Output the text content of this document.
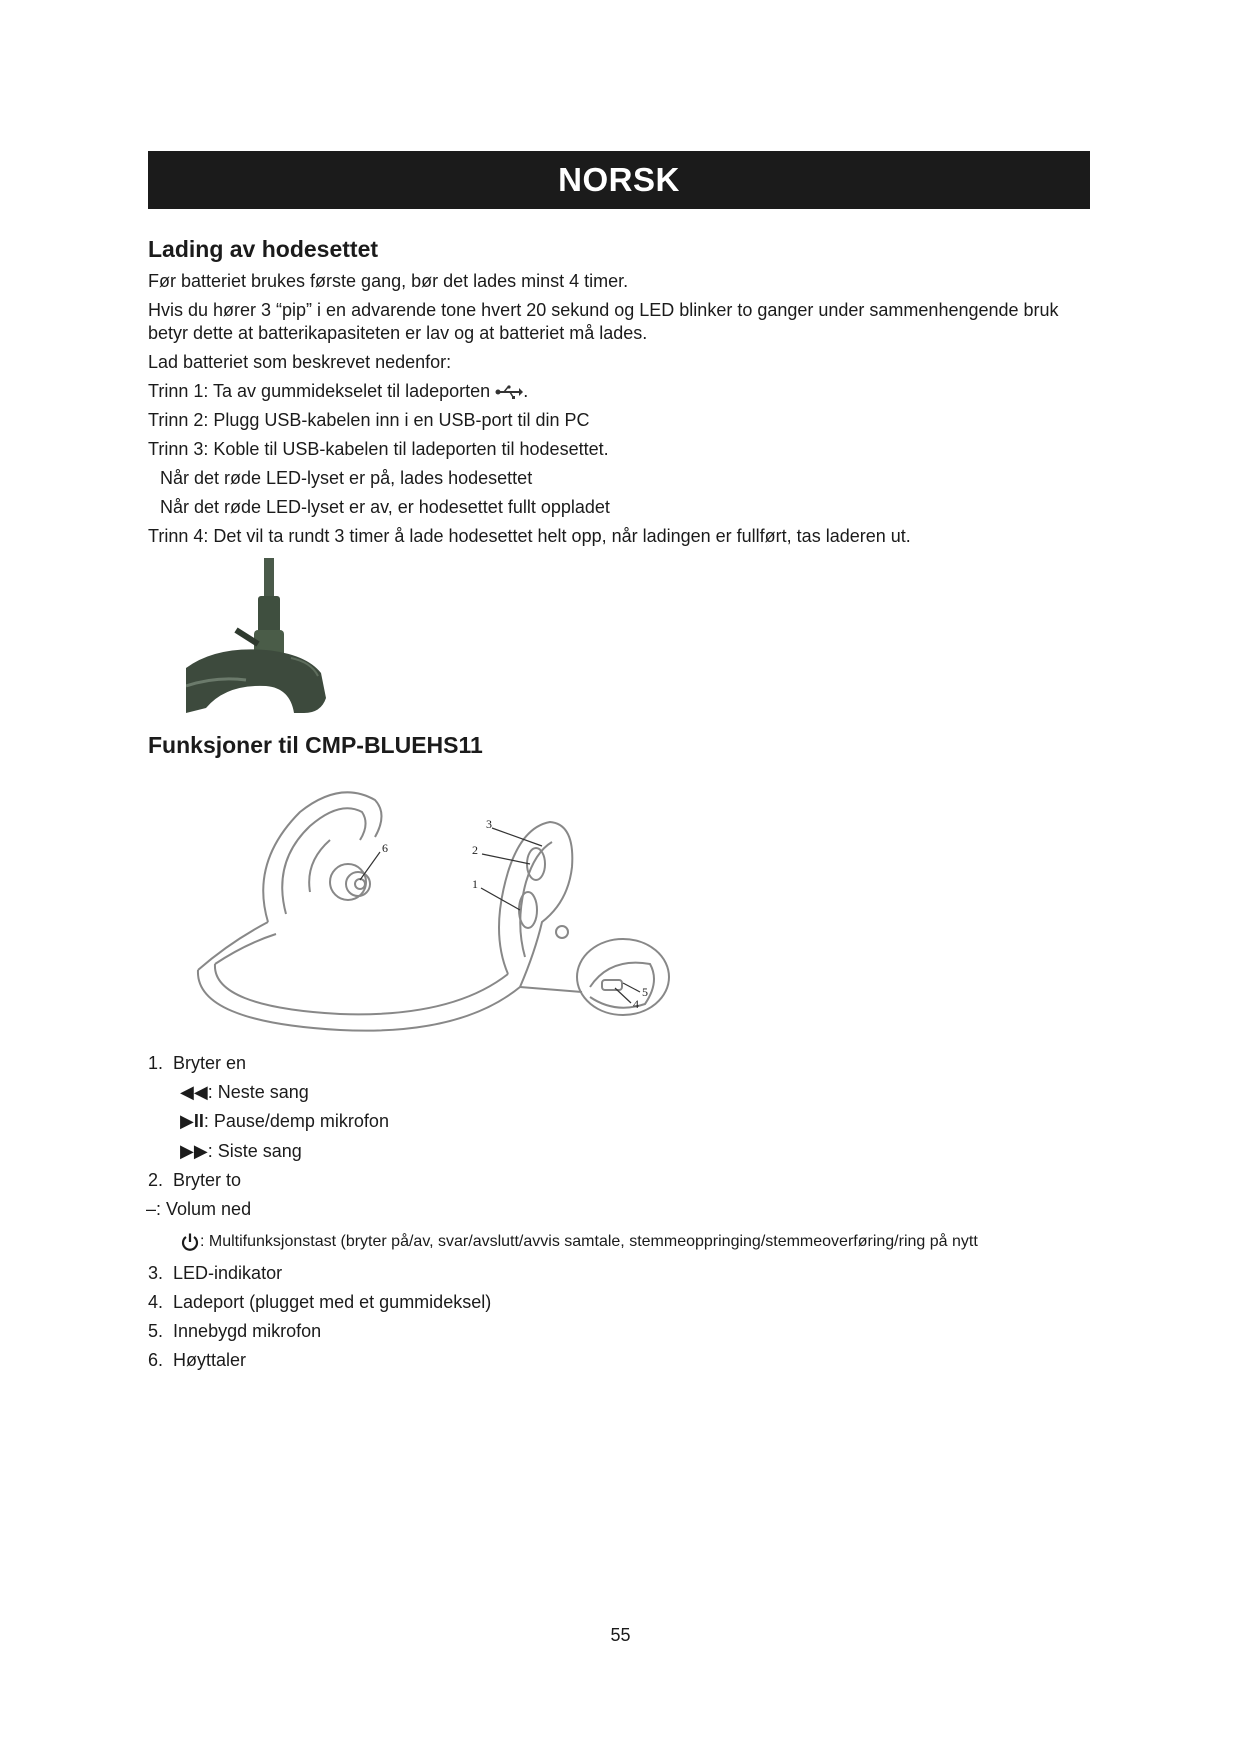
NORSK
Lading av hodesettet

Før batteriet brukes første gang, bør det lades minst 4 timer.

Hvis du hører 3 “pip” i en advarende tone hvert 20 sekund og LED blinker to ganger under sammenhengende bruk betyr dette at batterikapasiteten er lav og at batteriet må lades.

Lad batteriet som beskrevet nedenfor:

Trinn 1: Ta av gummidekselet til ladeporten .

Trinn 2: Plugg USB-kabelen inn i en USB-port til din PC

Trinn 3: Koble til USB-kabelen til ladeporten til hodesettet.

Når det røde LED-lyset er på, lades hodesettet

Når det røde LED-lyset er av, er hodesettet fullt oppladet

Trinn 4: Det vil ta rundt 3 timer å lade hodesettet helt opp, når ladingen er fullført, tas laderen ut.

Funksjoner til CMP-BLUEHS11
1
2
3
4
5
6

1. Bryter en

◀◀: Neste sang

▶II: Pause/demp mikrofon

▶▶: Siste sang

2. Bryter to

–: Volum ned

: Multifunksjonstast (bryter på/av, svar/avslutt/avvis samtale, stemmeoppringing/stemmeoverføring/ring på nytt

3. LED-indikator

4. Ladeport (plugget med et gummideksel)

5. Innebygd mikrofon

6. Høyttaler

55
